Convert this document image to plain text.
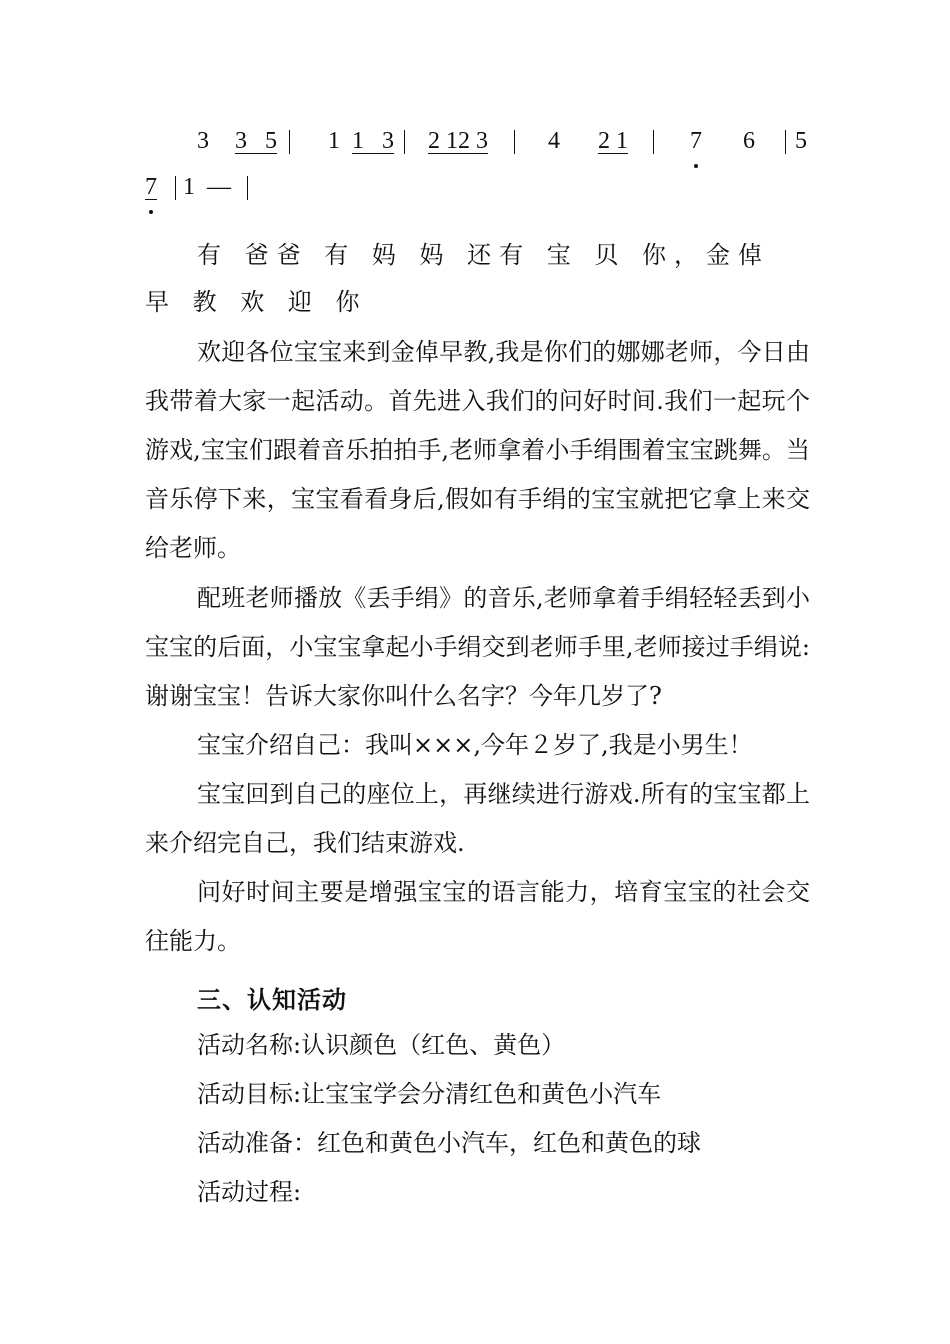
3 3   5 1 1   3 2 12 3	4 2 1	7 6 5
7 1  —
有 爸爸 有 妈 妈 还有 宝 贝 你，金倬 早 教 欢 迎 你
欢迎各位宝宝来到金倬早教,我是你们的娜娜老师，今日由我带着大家一起活动。首先进入我们的问好时间.我们一起玩个游戏,宝宝们跟着音乐拍拍手,老师拿着小手绢围着宝宝跳舞。当音乐停下来，宝宝看看身后,假如有手绢的宝宝就把它拿上来交给老师。
配班老师播放《丢手绢》的音乐,老师拿着手绢轻轻丢到小宝宝的后面，小宝宝拿起小手绢交到老师手里,老师接过手绢说:谢谢宝宝！告诉大家你叫什么名字？今年几岁了?
宝宝介绍自己：我叫×××,今年２岁了,我是小男生！
宝宝回到自己的座位上，再继续进行游戏.所有的宝宝都上来介绍完自己，我们结束游戏.
问好时间主要是增强宝宝的语言能力，培育宝宝的社会交往能力。
三、认知活动
活动名称:认识颜色（红色、黄色）
活动目标:让宝宝学会分清红色和黄色小汽车
活动准备：红色和黄色小汽车，红色和黄色的球
活动过程:
